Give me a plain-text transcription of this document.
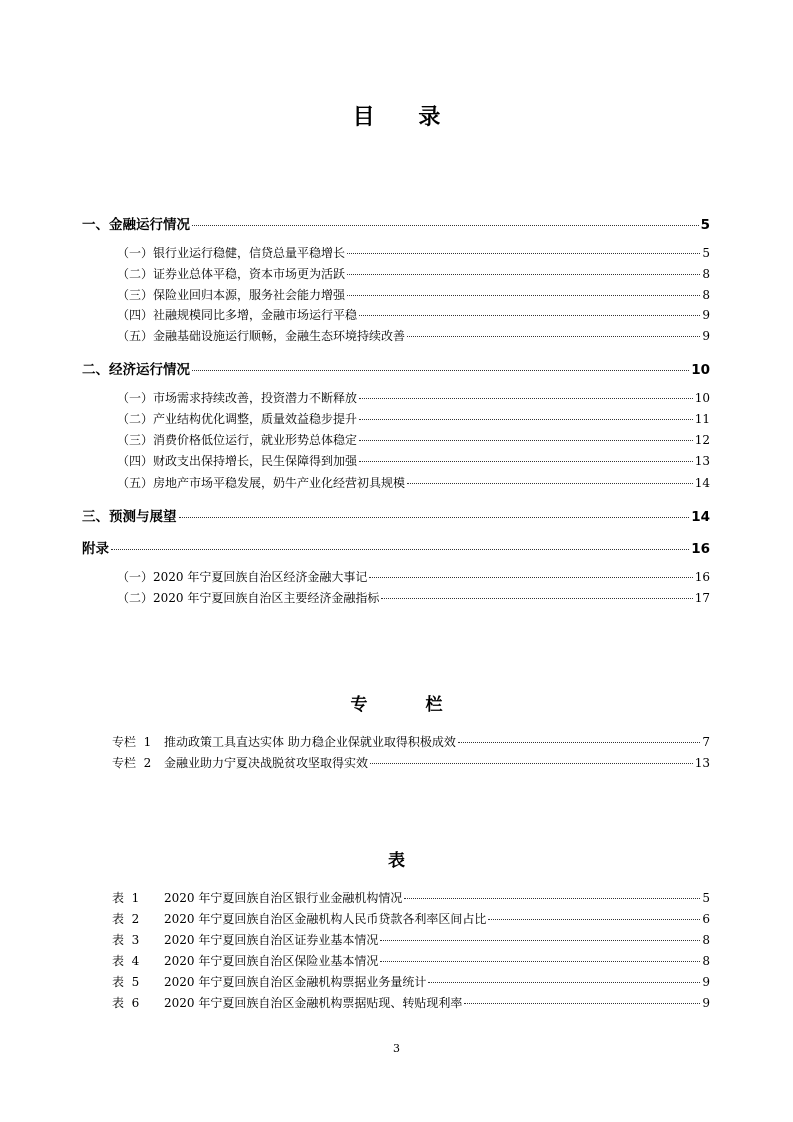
目 录
一、金融运行情况	5
（一）银行业运行稳健，信贷总量平稳增长	5
（二）证券业总体平稳，资本市场更为活跃	8
（三）保险业回归本源，服务社会能力增强	8
（四）社融规模同比多增，金融市场运行平稳	9
（五）金融基础设施运行顺畅，金融生态环境持续改善	9
二、经济运行情况	10
（一）市场需求持续改善，投资潜力不断释放	10
（二）产业结构优化调整，质量效益稳步提升	11
（三）消费价格低位运行，就业形势总体稳定	12
（四）财政支出保持增长，民生保障得到加强	13
（五）房地产市场平稳发展，奶牛产业化经营初具规模	14
三、预测与展望	14
附录	16
（一）2020 年宁夏回族自治区经济金融大事记	16
（二）2020 年宁夏回族自治区主要经济金融指标	17
专 栏
专栏  1	推动政策工具直达实体 助力稳企业保就业取得积极成效	7
专栏  2	金融业助力宁夏决战脱贫攻坚取得实效	13
表
表  1	2020 年宁夏回族自治区银行业金融机构情况	5
表  2	2020 年宁夏回族自治区金融机构人民币贷款各利率区间占比	6
表  3	2020 年宁夏回族自治区证券业基本情况	8
表  4	2020 年宁夏回族自治区保险业基本情况	8
表  5	2020 年宁夏回族自治区金融机构票据业务量统计	9
表  6	2020 年宁夏回族自治区金融机构票据贴现、转贴现利率	9
3
